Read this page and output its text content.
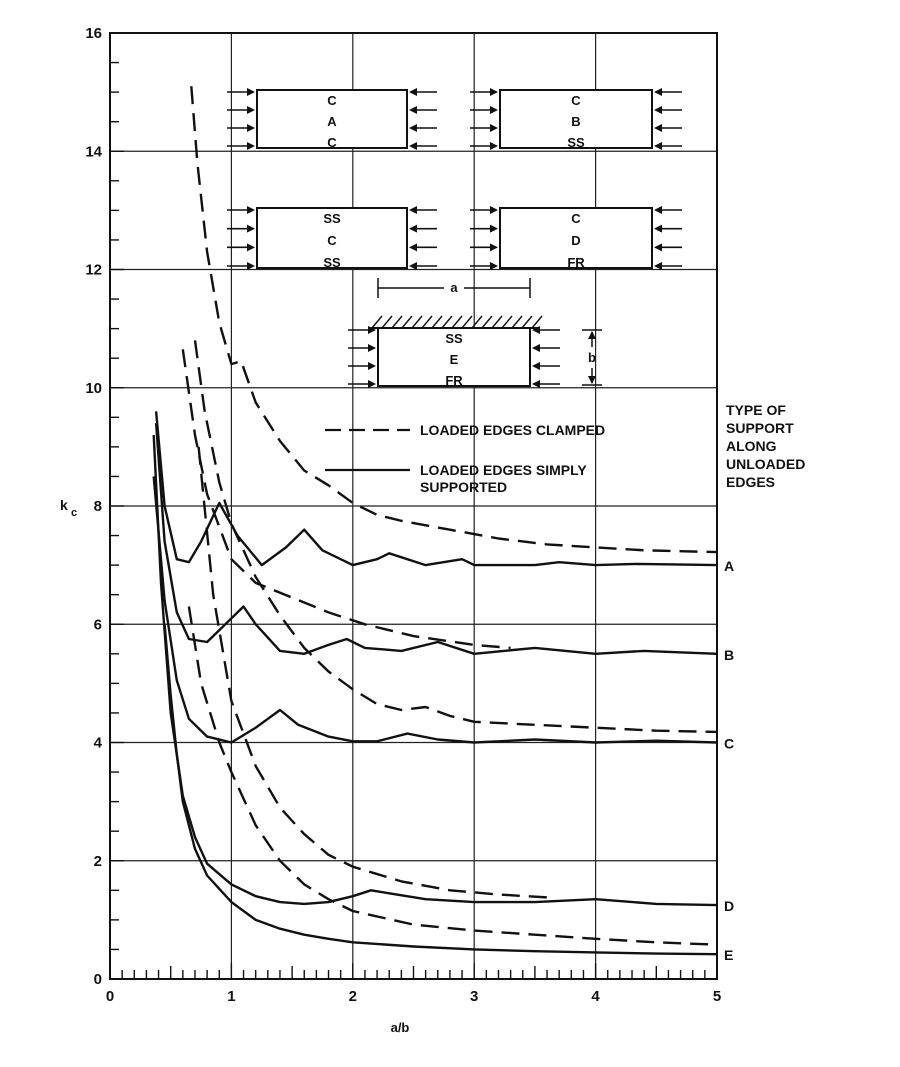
0
2
4
6
8
10
12
14
16
0	1	2	3	4	5
A
B
C
D
E
k c
a/b
C
A
C
C
B
SS
SS
C
SS
C
D
FR
SS
E
FR
a
b
LOADED EDGES CLAMPED
LOADED EDGES SIMPLY
SUPPORTED
TYPE OF
SUPPORT
ALONG
UNLOADED
EDGES
